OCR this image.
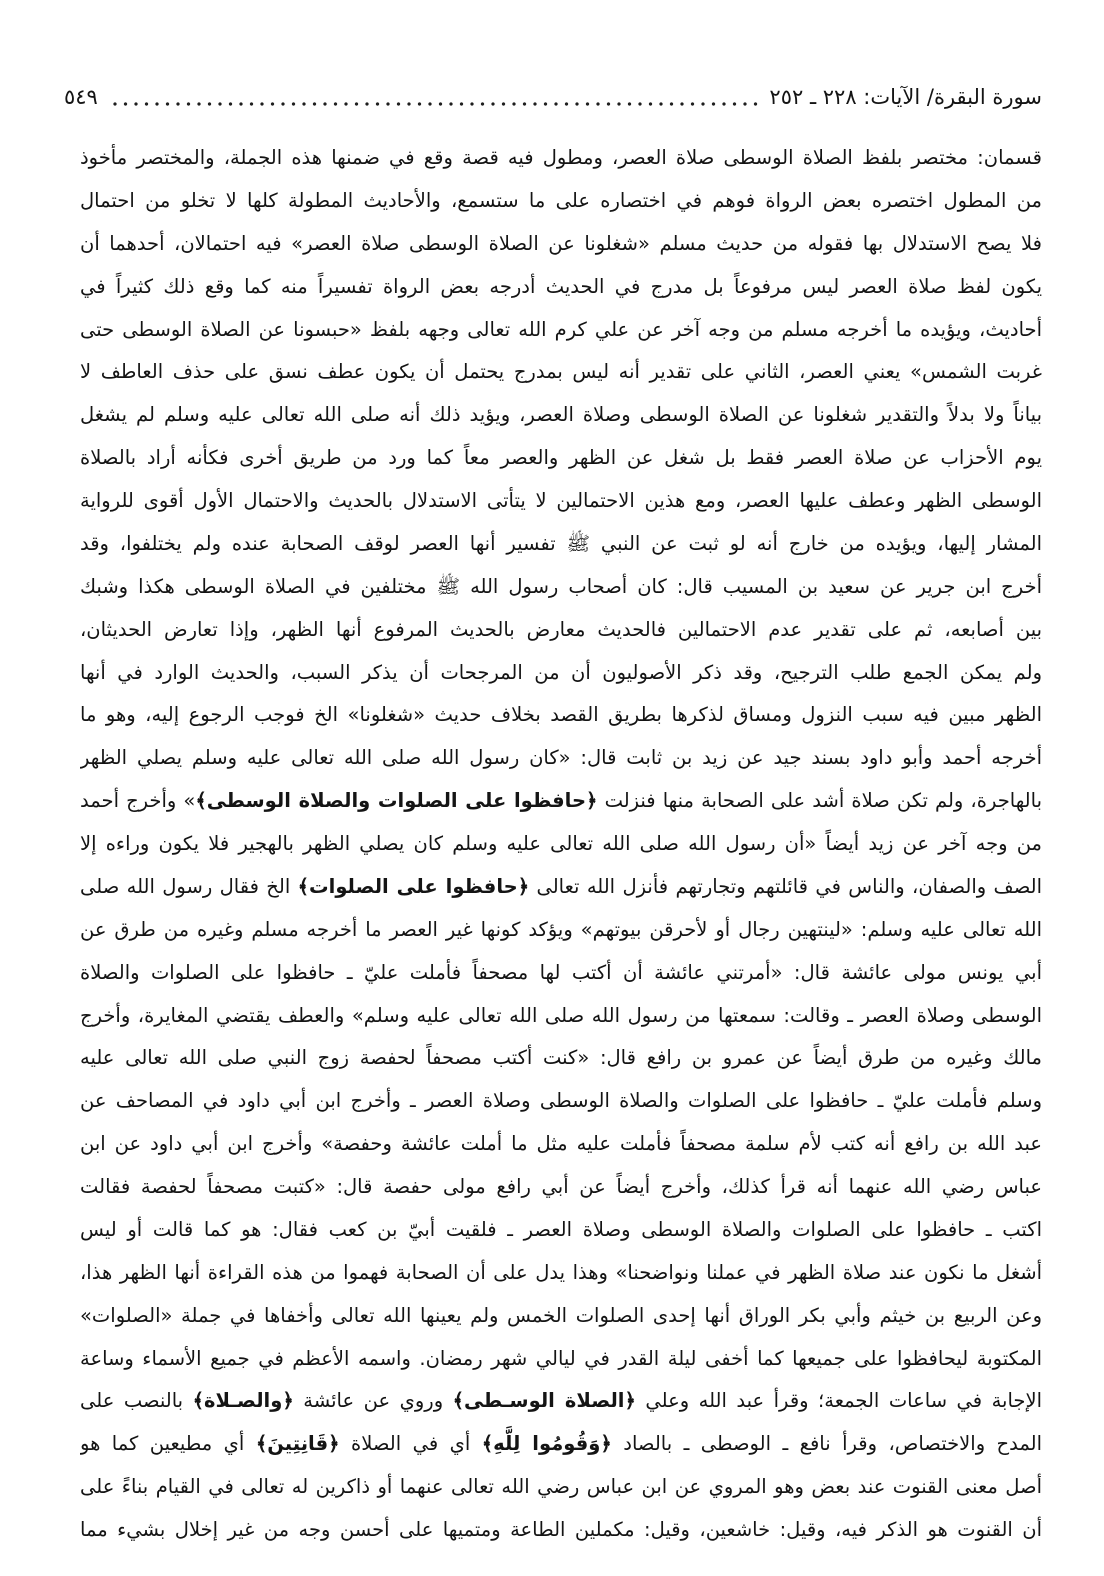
سورة البقرة/ الآيات: ٢٢٨ ـ ٢٥٢
٥٤٩
قسمان: مختصر بلفظ الصلاة الوسطى صلاة العصر، ومطول فيه قصة وقع في ضمنها هذه الجملة، والمختصر مأخوذ
من المطول اختصره بعض الرواة فوهم في اختصاره على ما ستسمع، والأحاديث المطولة كلها لا تخلو من احتمال
فلا يصح الاستدلال بها فقوله من حديث مسلم «شغلونا عن الصلاة الوسطى صلاة العصر» فيه احتمالان، أحدهما أن
يكون لفظ صلاة العصر ليس مرفوعاً بل مدرج في الحديث أدرجه بعض الرواة تفسيراً منه كما وقع ذلك كثيراً في
أحاديث، ويؤيده ما أخرجه مسلم من وجه آخر عن علي كرم الله تعالى وجهه بلفظ «حبسونا عن الصلاة الوسطى حتى
غربت الشمس» يعني العصر، الثاني على تقدير أنه ليس بمدرج يحتمل أن يكون عطف نسق على حذف العاطف لا
بياناً ولا بدلاً والتقدير شغلونا عن الصلاة الوسطى وصلاة العصر، ويؤيد ذلك أنه صلى الله تعالى عليه وسلم لم يشغل
يوم الأحزاب عن صلاة العصر فقط بل شغل عن الظهر والعصر معاً كما ورد من طريق أخرى فكأنه أراد بالصلاة
الوسطى الظهر وعطف عليها العصر، ومع هذين الاحتمالين لا يتأتى الاستدلال بالحديث والاحتمال الأول أقوى للرواية
المشار إليها، ويؤيده من خارج أنه لو ثبت عن النبي ﷺ تفسير أنها العصر لوقف الصحابة عنده ولم يختلفوا، وقد
أخرج ابن جرير عن سعيد بن المسيب قال: كان أصحاب رسول الله ﷺ مختلفين في الصلاة الوسطى هكذا وشبك
بين أصابعه، ثم على تقدير عدم الاحتمالين فالحديث معارض بالحديث المرفوع أنها الظهر، وإذا تعارض الحديثان،
ولم يمكن الجمع طلب الترجيح، وقد ذكر الأصوليون أن من المرجحات أن يذكر السبب، والحديث الوارد في أنها
الظهر مبين فيه سبب النزول ومساق لذكرها بطريق القصد بخلاف حديث «شغلونا» الخ فوجب الرجوع إليه، وهو ما
أخرجه أحمد وأبو داود بسند جيد عن زيد بن ثابت قال: «كان رسول الله صلى الله تعالى عليه وسلم يصلي الظهر
بالهاجرة، ولم تكن صلاة أشد على الصحابة منها فنزلت ﴿حافظوا على الصلوات والصلاة الوسطى﴾» وأخرج أحمد
من وجه آخر عن زيد أيضاً «أن رسول الله صلى الله تعالى عليه وسلم كان يصلي الظهر بالهجير فلا يكون وراءه إلا
الصف والصفان، والناس في قائلتهم وتجارتهم فأنزل الله تعالى ﴿حافظوا على الصلوات﴾ الخ فقال رسول الله صلى
الله تعالى عليه وسلم: «لينتهين رجال أو لأحرقن بيوتهم» ويؤكد كونها غير العصر ما أخرجه مسلم وغيره من طرق عن
أبي يونس مولى عائشة قال: «أمرتني عائشة أن أكتب لها مصحفاً فأملت عليّ ـ حافظوا على الصلوات والصلاة
الوسطى وصلاة العصر ـ وقالت: سمعتها من رسول الله صلى الله تعالى عليه وسلم» والعطف يقتضي المغايرة، وأخرج
مالك وغيره من طرق أيضاً عن عمرو بن رافع قال: «كنت أكتب مصحفاً لحفصة زوج النبي صلى الله تعالى عليه
وسلم فأملت عليّ ـ حافظوا على الصلوات والصلاة الوسطى وصلاة العصر ـ وأخرج ابن أبي داود في المصاحف عن
عبد الله بن رافع أنه كتب لأم سلمة مصحفاً فأملت عليه مثل ما أملت عائشة وحفصة» وأخرج ابن أبي داود عن ابن
عباس رضي الله عنهما أنه قرأ كذلك، وأخرج أيضاً عن أبي رافع مولى حفصة قال: «كتبت مصحفاً لحفصة فقالت
اكتب ـ حافظوا على الصلوات والصلاة الوسطى وصلاة العصر ـ فلقيت أبيّ بن كعب فقال: هو كما قالت أو ليس
أشغل ما نكون عند صلاة الظهر في عملنا ونواضحنا» وهذا يدل على أن الصحابة فهموا من هذه القراءة أنها الظهر هذا،
وعن الربيع بن خيثم وأبي بكر الوراق أنها إحدى الصلوات الخمس ولم يعينها الله تعالى وأخفاها في جملة «الصلوات»
المكتوبة ليحافظوا على جميعها كما أخفى ليلة القدر في ليالي شهر رمضان. واسمه الأعظم في جميع الأسماء وساعة
الإجابة في ساعات الجمعة؛ وقرأ عبد الله وعلي ﴿الصلاة الوسـطى﴾ وروي عن عائشة ﴿والصـلاة﴾ بالنصب على
المدح والاختصاص، وقرأ نافع ـ الوصطى ـ بالصاد ﴿وَقُومُوا لِلَّهِ﴾ أي في الصلاة ﴿قَانِتِينَ﴾ أي مطيعين كما هو
أصل معنى القنوت عند بعض وهو المروي عن ابن عباس رضي الله تعالى عنهما أو ذاكرين له تعالى في القيام بناءً على
أن القنوت هو الذكر فيه، وقيل: خاشعين، وقيل: مكملين الطاعة ومتميها على أحسن وجه من غير إخلال بشيء مما
